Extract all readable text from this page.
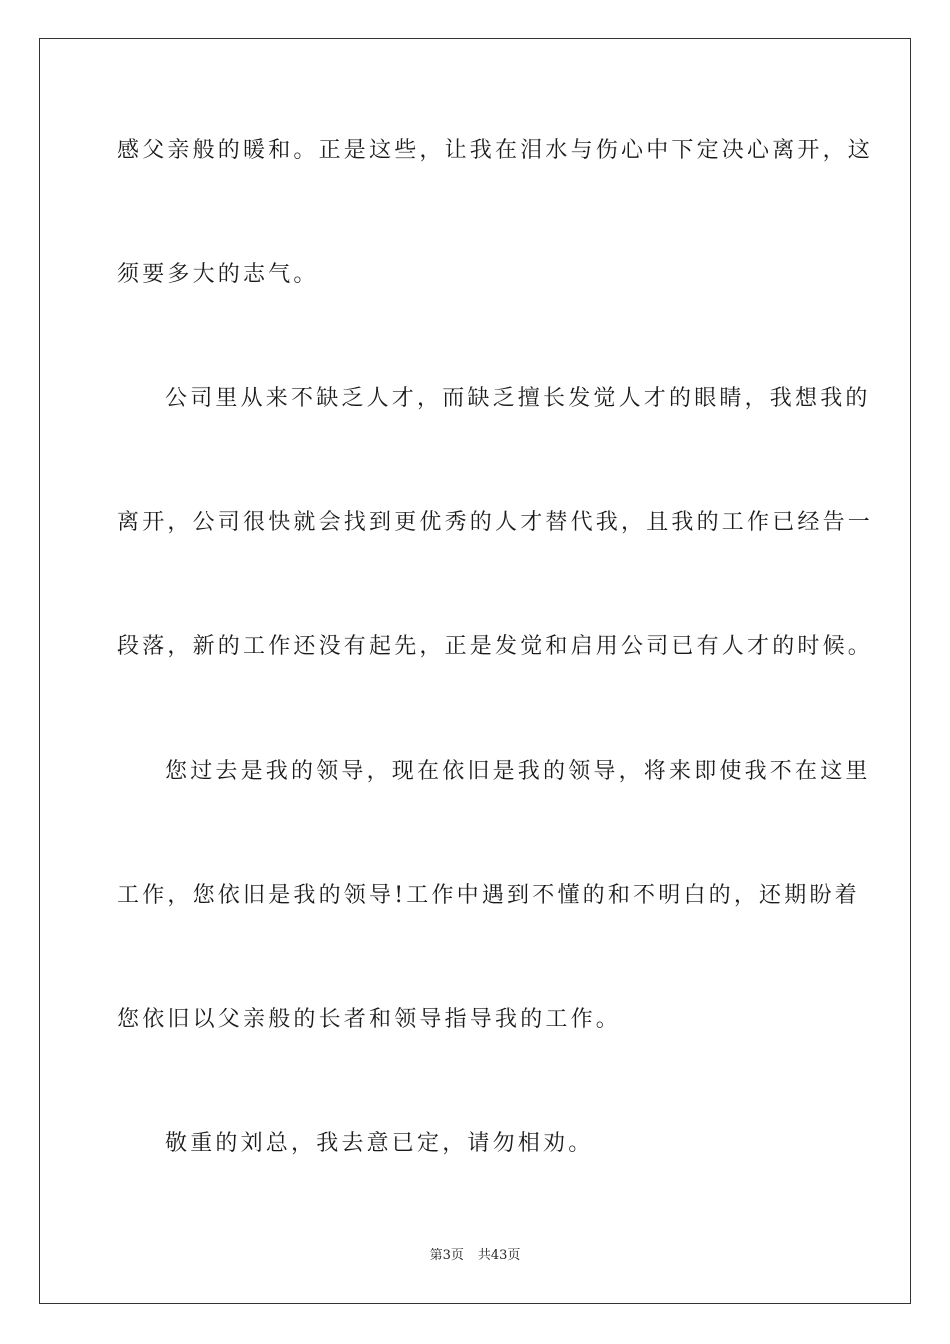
感父亲般的暖和。正是这些，让我在泪水与伤心中下定决心离开，这
须要多大的志气。
公司里从来不缺乏人才，而缺乏擅长发觉人才的眼睛，我想我的
离开，公司很快就会找到更优秀的人才替代我，且我的工作已经告一
段落，新的工作还没有起先，正是发觉和启用公司已有人才的时候。
您过去是我的领导，现在依旧是我的领导，将来即使我不在这里
工作，您依旧是我的领导!工作中遇到不懂的和不明白的，还期盼着
您依旧以父亲般的长者和领导指导我的工作。
敬重的刘总，我去意已定，请勿相劝。
第3页 共43页
